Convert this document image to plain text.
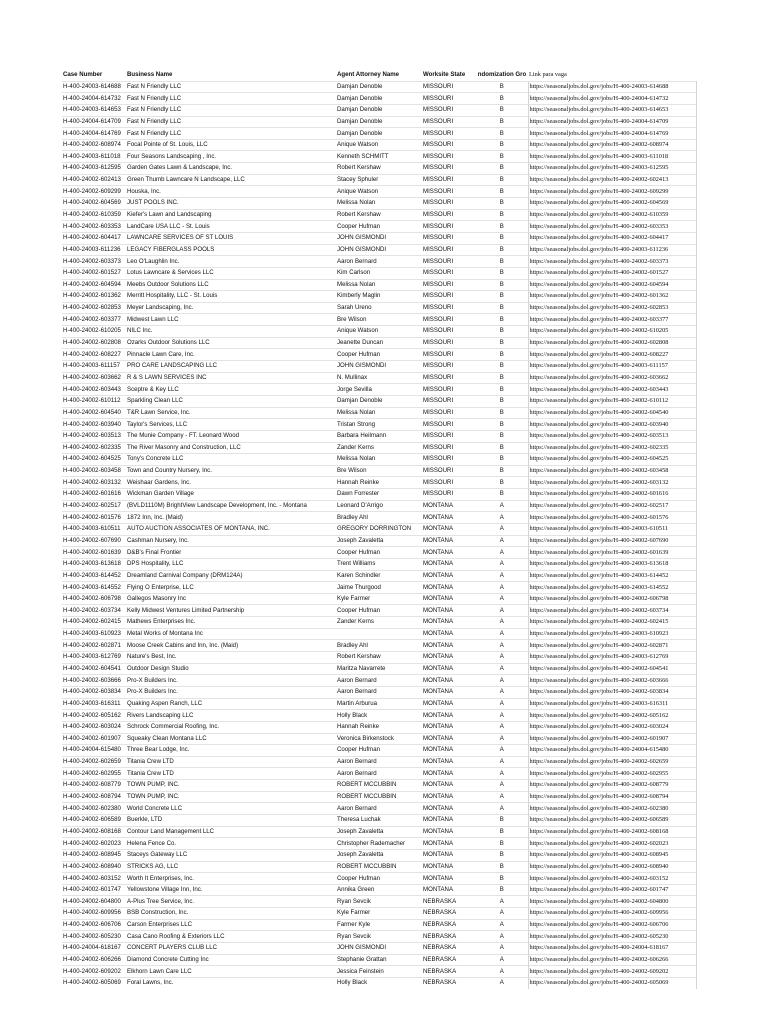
Case Number	Business Name	Agent Attorney Name	Worksite State	ndomization Gro	Link para vaga
H-400-24003-614688	Fast N Friendly LLC	Damjan Denoble	MISSOURI	B	https://seasonaljobs.dol.gov/jobs/H-400-24003-614688
H-400-24004-614732	Fast N Friendly LLC	Damjan Denoble	MISSOURI	B	https://seasonaljobs.dol.gov/jobs/H-400-24004-614732
H-400-24003-614653	Fast N Friendly LLC	Damjan Denoble	MISSOURI	B	https://seasonaljobs.dol.gov/jobs/H-400-24003-614653
H-400-24004-614709	Fast N Friendly LLC	Damjan Denoble	MISSOURI	B	https://seasonaljobs.dol.gov/jobs/H-400-24004-614709
H-400-24004-614769	Fast N Friendly LLC	Damjan Denoble	MISSOURI	B	https://seasonaljobs.dol.gov/jobs/H-400-24004-614769
H-400-24002-608974	Focal Pointe of St. Louis, LLC	Anique Watson	MISSOURI	B	https://seasonaljobs.dol.gov/jobs/H-400-24002-608974
H-400-24003-611018	Four Seasons Landscaping , Inc.	Kenneth SCHMITT	MISSOURI	B	https://seasonaljobs.dol.gov/jobs/H-400-24003-611018
H-400-24003-612595	Garden Gates Lawn & Landscape, Inc.	Robert Kershaw	MISSOURI	B	https://seasonaljobs.dol.gov/jobs/H-400-24003-612595
H-400-24002-602413	Green Thumb Lawncare N Landscape, LLC	Stacey Sphuler	MISSOURI	B	https://seasonaljobs.dol.gov/jobs/H-400-24002-602413
H-400-24002-609299	Houska, Inc.	Anique Watson	MISSOURI	B	https://seasonaljobs.dol.gov/jobs/H-400-24002-609299
H-400-24002-604569	JUST POOLS INC.	Melissa Nolan	MISSOURI	B	https://seasonaljobs.dol.gov/jobs/H-400-24002-604569
H-400-24002-610359	Kiefer's Lawn and Landscaping	Robert Kershaw	MISSOURI	B	https://seasonaljobs.dol.gov/jobs/H-400-24002-610359
H-400-24002-603353	LandCare USA LLC - St. Louis	Cooper Hufman	MISSOURI	B	https://seasonaljobs.dol.gov/jobs/H-400-24002-603353
H-400-24002-604417	LAWNCARE SERVICES OF ST LOUIS	JOHN GISMONDI	MISSOURI	B	https://seasonaljobs.dol.gov/jobs/H-400-24002-604417
H-400-24003-611236	LEGACY FIBERGLASS POOLS	JOHN GISMONDI	MISSOURI	B	https://seasonaljobs.dol.gov/jobs/H-400-24003-611236
H-400-24002-603373	Leo O'Laughlin Inc.	Aaron Bernard	MISSOURI	B	https://seasonaljobs.dol.gov/jobs/H-400-24002-603373
H-400-24002-601527	Lotus Lawncare & Services LLC	Kim Carlson	MISSOURI	B	https://seasonaljobs.dol.gov/jobs/H-400-24002-601527
H-400-24002-604594	Meebs Outdoor Solutions LLC	Melissa Nolan	MISSOURI	B	https://seasonaljobs.dol.gov/jobs/H-400-24002-604594
H-400-24002-601362	Merritt Hospitality, LLC - St. Louis	Kimberly Maglin	MISSOURI	B	https://seasonaljobs.dol.gov/jobs/H-400-24002-601362
H-400-24002-602853	Meyer Landscaping, Inc.	Sarah Ureno	MISSOURI	B	https://seasonaljobs.dol.gov/jobs/H-400-24002-602853
H-400-24002-603377	Midwest Lawn LLC	Bre Wilson	MISSOURI	B	https://seasonaljobs.dol.gov/jobs/H-400-24002-603377
H-400-24002-610205	NILC Inc.	Anique Watson	MISSOURI	B	https://seasonaljobs.dol.gov/jobs/H-400-24002-610205
H-400-24002-602808	Ozarks Outdoor Solutions LLC	Jeanette Duncan	MISSOURI	B	https://seasonaljobs.dol.gov/jobs/H-400-24002-602808
H-400-24002-608227	Pinnacle Lawn Care, Inc.	Cooper Hufman	MISSOURI	B	https://seasonaljobs.dol.gov/jobs/H-400-24002-608227
H-400-24003-611157	PRO CARE LANDSCAPING LLC	JOHN GISMONDI	MISSOURI	B	https://seasonaljobs.dol.gov/jobs/H-400-24003-611157
H-400-24002-603662	R & S LAWN SERVICES INC	N. Mullinax	MISSOURI	B	https://seasonaljobs.dol.gov/jobs/H-400-24002-603662
H-400-24002-603443	Sceptre & Key LLC	Jorge Sevilla	MISSOURI	B	https://seasonaljobs.dol.gov/jobs/H-400-24002-603443
H-400-24002-610112	Sparkling Clean LLC	Damjan Denoble	MISSOURI	B	https://seasonaljobs.dol.gov/jobs/H-400-24002-610112
H-400-24002-604540	T&R Lawn Service, Inc.	Melissa Nolan	MISSOURI	B	https://seasonaljobs.dol.gov/jobs/H-400-24002-604540
H-400-24002-603940	Taylor's Services, LLC	Tristan Strong	MISSOURI	B	https://seasonaljobs.dol.gov/jobs/H-400-24002-603940
H-400-24002-603513	The Munie Company - FT. Leonard Wood	Barbara Heilmann	MISSOURI	B	https://seasonaljobs.dol.gov/jobs/H-400-24002-603513
H-400-24002-602335	The River Masonry and Construction, LLC	Zander Kerns	MISSOURI	B	https://seasonaljobs.dol.gov/jobs/H-400-24002-602335
H-400-24002-604525	Tony's Concrete LLC	Melissa Nolan	MISSOURI	B	https://seasonaljobs.dol.gov/jobs/H-400-24002-604525
H-400-24002-603458	Town and Country Nursery, Inc.	Bre Wilson	MISSOURI	B	https://seasonaljobs.dol.gov/jobs/H-400-24002-603458
H-400-24002-603132	Weishaar Gardens, Inc.	Hannah Reinke	MISSOURI	B	https://seasonaljobs.dol.gov/jobs/H-400-24002-603132
H-400-24002-601616	Wickman Garden Village	Dawn Forrester	MISSOURI	B	https://seasonaljobs.dol.gov/jobs/H-400-24002-601616
H-400-24002-602517	(BVLD1110M) BrightView Landscape Development, Inc. - Montana	Leonard D'Arrigo	MONTANA	A	https://seasonaljobs.dol.gov/jobs/H-400-24002-602517
H-400-24002-601576	1872 Inn, Inc. (Maid)	Bradley Ahl	MONTANA	A	https://seasonaljobs.dol.gov/jobs/H-400-24002-601576
H-400-24003-610511	AUTO AUCTION ASSOCIATES OF MONTANA, INC.	GREGORY DORRINGTON	MONTANA	A	https://seasonaljobs.dol.gov/jobs/H-400-24003-610511
H-400-24002-607690	Cashman Nursery, Inc.	Joseph Zavaletta	MONTANA	A	https://seasonaljobs.dol.gov/jobs/H-400-24002-607690
H-400-24002-601639	D&B's Final Frontier	Cooper Hufman	MONTANA	A	https://seasonaljobs.dol.gov/jobs/H-400-24002-601639
H-400-24003-613618	DPS Hospitality, LLC	Trent Williams	MONTANA	A	https://seasonaljobs.dol.gov/jobs/H-400-24003-613618
H-400-24003-614452	Dreamland Carnival Company (DRM124A)	Karen Schindler	MONTANA	A	https://seasonaljobs.dol.gov/jobs/H-400-24003-614452
H-400-24003-614552	Flying O Enterprise, LLC	Jaime Thurgood	MONTANA	A	https://seasonaljobs.dol.gov/jobs/H-400-24003-614552
H-400-24002-606798	Gallegos Masonry Inc	Kyle Farmer	MONTANA	A	https://seasonaljobs.dol.gov/jobs/H-400-24002-606798
H-400-24002-603734	Kelly Midwest Ventures Limited Partnership	Cooper Hufman	MONTANA	A	https://seasonaljobs.dol.gov/jobs/H-400-24002-603734
H-400-24002-602415	Mathews Enterprises Inc.	Zander Kerns	MONTANA	A	https://seasonaljobs.dol.gov/jobs/H-400-24002-602415
H-400-24003-610923	Metal Works of Montana Inc		MONTANA	A	https://seasonaljobs.dol.gov/jobs/H-400-24003-610923
H-400-24002-602871	Moose Creek Cabins and Inn, Inc. (Maid)	Bradley Ahl	MONTANA	A	https://seasonaljobs.dol.gov/jobs/H-400-24002-602871
H-400-24003-612769	Nature's Best, Inc.	Robert Kershaw	MONTANA	A	https://seasonaljobs.dol.gov/jobs/H-400-24003-612769
H-400-24002-604541	Outdoor Design Studio	Maritza Navarrete	MONTANA	A	https://seasonaljobs.dol.gov/jobs/H-400-24002-604541
H-400-24002-603666	Pro-X Builders Inc.	Aaron Bernard	MONTANA	A	https://seasonaljobs.dol.gov/jobs/H-400-24002-603666
H-400-24002-603834	Pro-X Builders Inc.	Aaron Bernard	MONTANA	A	https://seasonaljobs.dol.gov/jobs/H-400-24002-603834
H-400-24003-616311	Quaking Aspen Ranch, LLC	Martin Arburua	MONTANA	A	https://seasonaljobs.dol.gov/jobs/H-400-24003-616311
H-400-24002-605162	Rivers Landscaping LLC	Holly Black	MONTANA	A	https://seasonaljobs.dol.gov/jobs/H-400-24002-605162
H-400-24002-603024	Schrock Commercial Roofing, Inc.	Hannah Reinke	MONTANA	A	https://seasonaljobs.dol.gov/jobs/H-400-24002-603024
H-400-24002-601907	Squeaky Clean Montana LLC	Veronica Birkenstock	MONTANA	A	https://seasonaljobs.dol.gov/jobs/H-400-24002-601907
H-400-24004-615480	Three Bear Lodge, Inc.	Cooper Hufman	MONTANA	A	https://seasonaljobs.dol.gov/jobs/H-400-24004-615480
H-400-24002-602659	Titania Crew LTD	Aaron Bernard	MONTANA	A	https://seasonaljobs.dol.gov/jobs/H-400-24002-602659
H-400-24002-602955	Titania Crew LTD	Aaron Bernard	MONTANA	A	https://seasonaljobs.dol.gov/jobs/H-400-24002-602955
H-400-24002-608779	TOWN PUMP, INC.	ROBERT MCCUBBIN	MONTANA	A	https://seasonaljobs.dol.gov/jobs/H-400-24002-608779
H-400-24002-608794	TOWN PUMP, INC.	ROBERT MCCUBBIN	MONTANA	A	https://seasonaljobs.dol.gov/jobs/H-400-24002-608794
H-400-24002-602380	World Concrete LLC	Aaron Bernard	MONTANA	A	https://seasonaljobs.dol.gov/jobs/H-400-24002-602380
H-400-24002-606589	Buerkle, LTD	Theresa Luchak	MONTANA	B	https://seasonaljobs.dol.gov/jobs/H-400-24002-606589
H-400-24002-608168	Contour Land Management LLC	Joseph Zavaletta	MONTANA	B	https://seasonaljobs.dol.gov/jobs/H-400-24002-608168
H-400-24002-602023	Helena Fence Co.	Christopher Rademacher	MONTANA	B	https://seasonaljobs.dol.gov/jobs/H-400-24002-602023
H-400-24002-608945	Staceys Gateway LLC	Joseph Zavaletta	MONTANA	B	https://seasonaljobs.dol.gov/jobs/H-400-24002-608945
H-400-24002-608940	STRICKS AG, LLC	ROBERT MCCUBBIN	MONTANA	B	https://seasonaljobs.dol.gov/jobs/H-400-24002-608940
H-400-24002-603152	Worth It Enterprises, Inc.	Cooper Hufman	MONTANA	B	https://seasonaljobs.dol.gov/jobs/H-400-24002-603152
H-400-24002-601747	Yellowstone Village Inn, Inc.	Annika Green	MONTANA	B	https://seasonaljobs.dol.gov/jobs/H-400-24002-601747
H-400-24002-604800	A-Plus Tree Service, Inc.	Ryan Sevcik	NEBRASKA	A	https://seasonaljobs.dol.gov/jobs/H-400-24002-604800
H-400-24002-609956	BSB Construction, Inc.	Kyle Farmer	NEBRASKA	A	https://seasonaljobs.dol.gov/jobs/H-400-24002-609956
H-400-24002-606706	Carson Enterprises LLC	Farmer Kyle	NEBRASKA	A	https://seasonaljobs.dol.gov/jobs/H-400-24002-606706
H-400-24002-605230	Casa Cano Roofing & Exteriors LLC	Ryan Sevcik	NEBRASKA	A	https://seasonaljobs.dol.gov/jobs/H-400-24002-605230
H-400-24004-618167	CONCERT PLAYERS CLUB LLC	JOHN GISMONDI	NEBRASKA	A	https://seasonaljobs.dol.gov/jobs/H-400-24004-618167
H-400-24002-606266	Diamond Concrete Cutting Inc	Stephanie Grattan	NEBRASKA	A	https://seasonaljobs.dol.gov/jobs/H-400-24002-606266
H-400-24002-609202	Elkhorn Lawn Care LLC	Jessica Feinstein	NEBRASKA	A	https://seasonaljobs.dol.gov/jobs/H-400-24002-609202
H-400-24002-605069	Foral Lawns, Inc.	Holly Black	NEBRASKA	A	https://seasonaljobs.dol.gov/jobs/H-400-24002-605069
